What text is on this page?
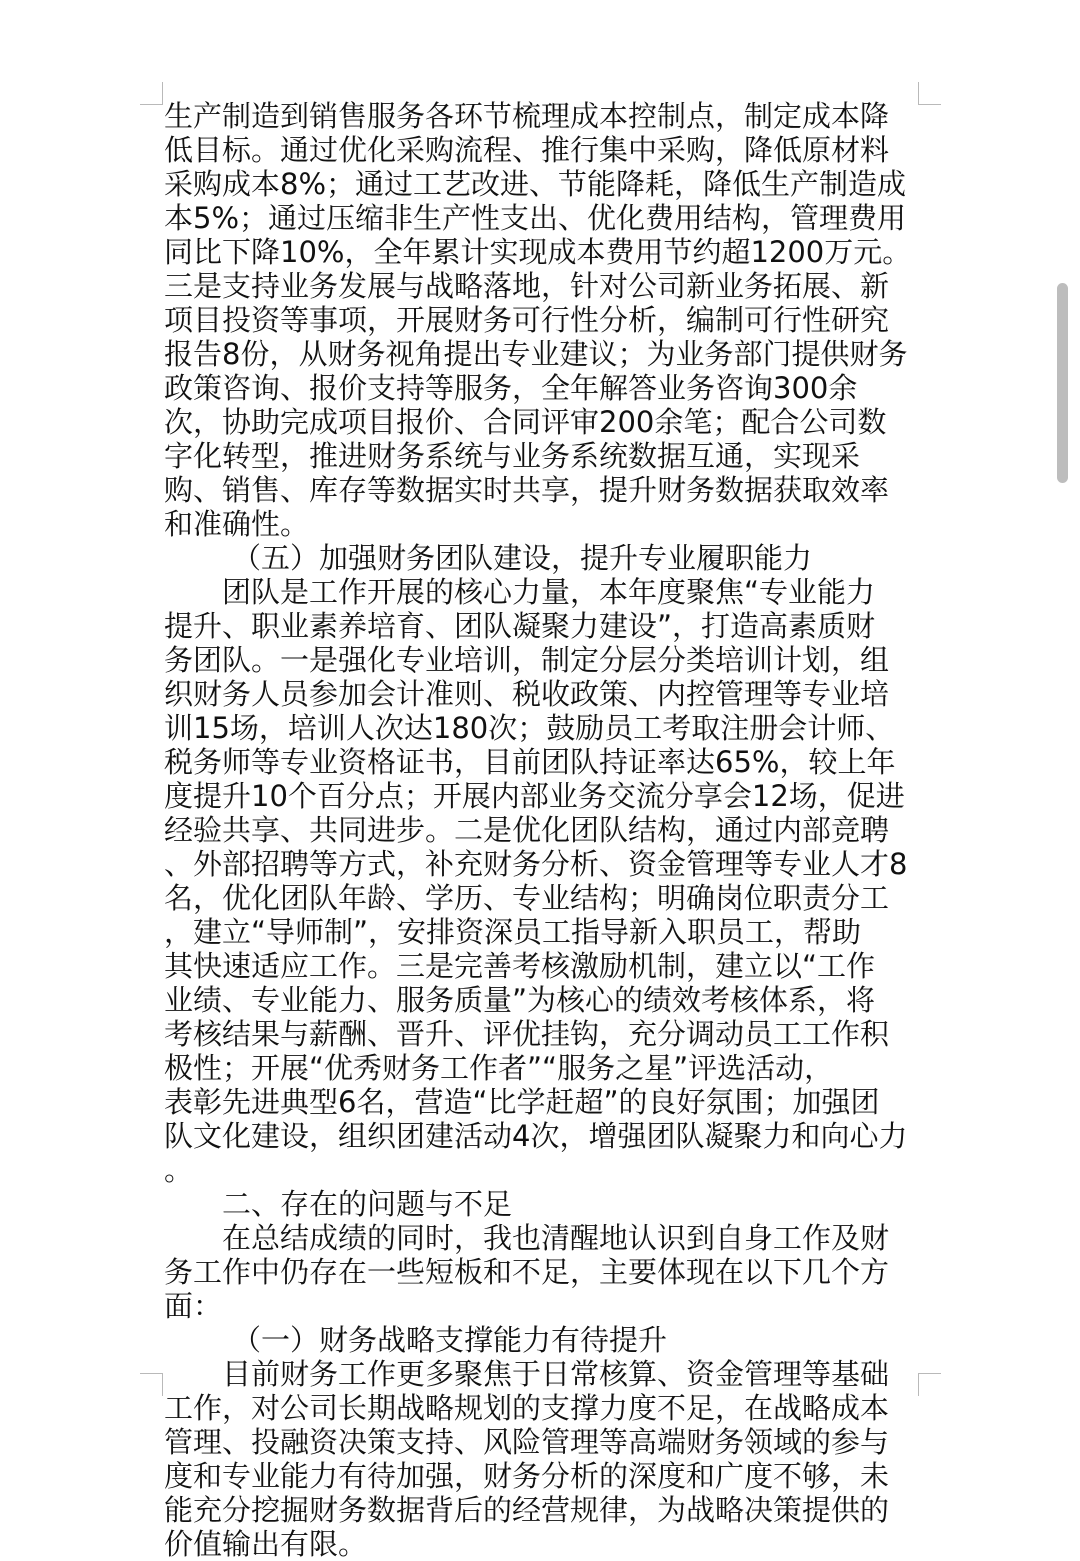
生产制造到销售服务各环节梳理成本控制点，制定成本降
低目标。通过优化采购流程、推行集中采购，降低原材料
采购成本8%；通过工艺改进、节能降耗，降低生产制造成
本5%；通过压缩非生产性支出、优化费用结构，管理费用
同比下降10%，全年累计实现成本费用节约超1200万元。
三是支持业务发展与战略落地，针对公司新业务拓展、新
项目投资等事项，开展财务可行性分析，编制可行性研究
报告8份，从财务视角提出专业建议；为业务部门提供财务
政策咨询、报价支持等服务，全年解答业务咨询300余
次，协助完成项目报价、合同评审200余笔；配合公司数
字化转型，推进财务系统与业务系统数据互通，实现采
购、销售、库存等数据实时共享，提升财务数据获取效率
和准确性。
（五）加强财务团队建设，提升专业履职能力
团队是工作开展的核心力量，本年度聚焦“专业能力
提升、职业素养培育、团队凝聚力建设”，打造高素质财
务团队。一是强化专业培训，制定分层分类培训计划，组
织财务人员参加会计准则、税收政策、内控管理等专业培
训15场，培训人次达180次；鼓励员工考取注册会计师、
税务师等专业资格证书，目前团队持证率达65%，较上年
度提升10个百分点；开展内部业务交流分享会12场，促进
经验共享、共同进步。二是优化团队结构，通过内部竞聘
、外部招聘等方式，补充财务分析、资金管理等专业人才8
名，优化团队年龄、学历、专业结构；明确岗位职责分工
，建立“导师制”，安排资深员工指导新入职员工，帮助
其快速适应工作。三是完善考核激励机制，建立以“工作
业绩、专业能力、服务质量”为核心的绩效考核体系，将
考核结果与薪酬、晋升、评优挂钩，充分调动员工工作积
极性；开展“优秀财务工作者”“服务之星”评选活动，
表彰先进典型6名，营造“比学赶超”的良好氛围；加强团
队文化建设，组织团建活动4次，增强团队凝聚力和向心力
。
二、存在的问题与不足
在总结成绩的同时，我也清醒地认识到自身工作及财
务工作中仍存在一些短板和不足，主要体现在以下几个方
面：
（一）财务战略支撑能力有待提升
目前财务工作更多聚焦于日常核算、资金管理等基础
工作，对公司长期战略规划的支撑力度不足，在战略成本
管理、投融资决策支持、风险管理等高端财务领域的参与
度和专业能力有待加强，财务分析的深度和广度不够，未
能充分挖掘财务数据背后的经营规律，为战略决策提供的
价值输出有限。
